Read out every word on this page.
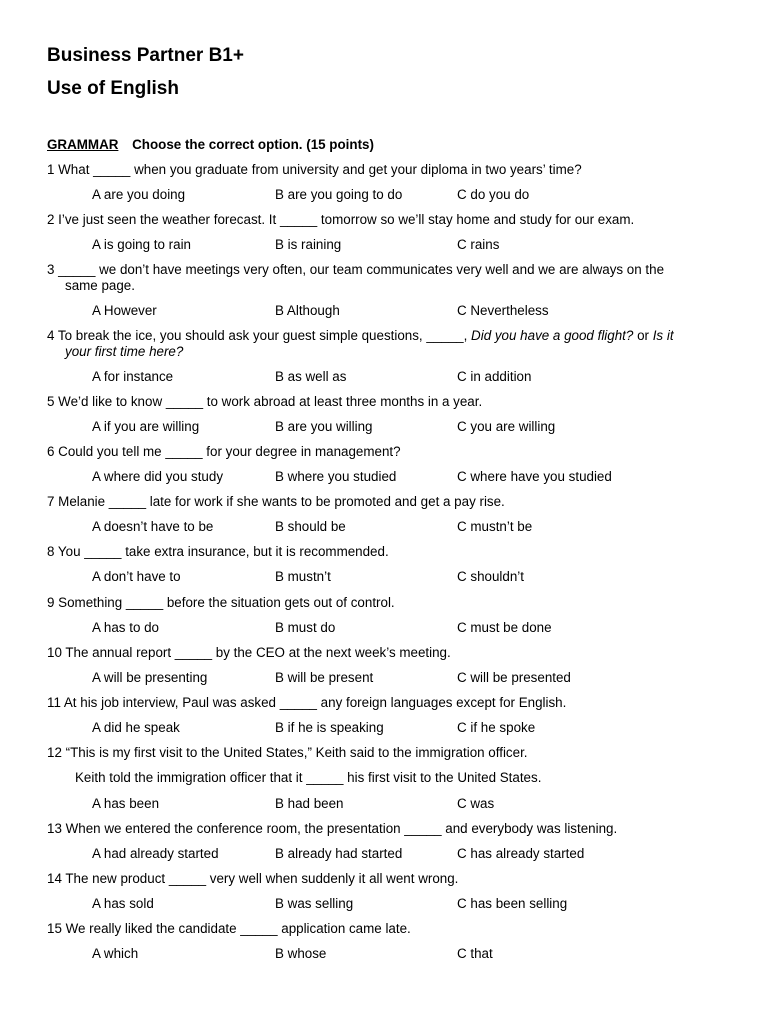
Business Partner B1+
Use of English
GRAMMAR Choose the correct option. (15 points)
1 What _____ when you graduate from university and get your diploma in two years’ time?
A are you doing	B are you going to do	C do you do
2 I’ve just seen the weather forecast. It _____ tomorrow so we’ll stay home and study for our exam.
A is going to rain	B is raining	C rains
3 _____ we don’t have meetings very often, our team communicates very well and we are always on the
same page.
A However	B Although	C Nevertheless
4 To break the ice, you should ask your guest simple questions, _____, Did you have a good flight? or Is it
your first time here?
A for instance	B as well as	C in addition
5 We’d like to know _____ to work abroad at least three months in a year.
A if you are willing	B are you willing	C you are willing
6 Could you tell me _____ for your degree in management?
A where did you study	B where you studied	C where have you studied
7 Melanie _____ late for work if she wants to be promoted and get a pay rise.
A doesn’t have to be	B should be	C mustn’t be
8 You _____ take extra insurance, but it is recommended.
A don’t have to	B mustn’t	C shouldn’t
9 Something _____ before the situation gets out of control.
A has to do	B must do	C must be done
10 The annual report _____ by the CEO at the next week’s meeting.
A will be presenting	B will be present	C will be presented
11 At his job interview, Paul was asked _____ any foreign languages except for English.
A did he speak	B if he is speaking	C if he spoke
12 “This is my first visit to the United States,” Keith said to the immigration officer.
Keith told the immigration officer that it _____ his first visit to the United States.
A has been	B had been	C was
13 When we entered the conference room, the presentation _____ and everybody was listening.
A had already started	B already had started	C has already started
14 The new product _____ very well when suddenly it all went wrong.
A has sold	B was selling	C has been selling
15 We really liked the candidate _____ application came late.
A which	B whose	C that
